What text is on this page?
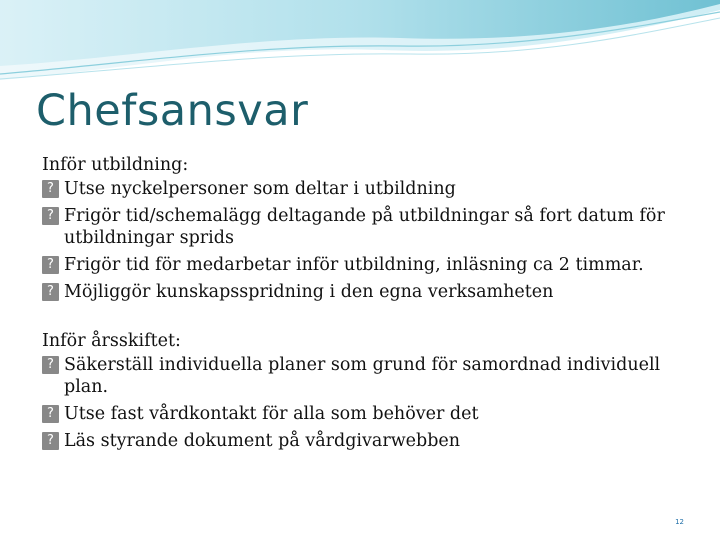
Chefsansvar

Inför utbildning:

? Utse nyckelpersoner som deltar i utbildning
? Frigör tid/schemalägg deltagande på utbildningar så fort datum för utbildningar sprids
? Frigör tid för medarbetar inför utbildning, inläsning ca 2 timmar.
? Möjliggör kunskapsspridning i den egna verksamheten

Inför årsskiftet:

? Säkerställ individuella planer som grund för samordnad individuell plan.
? Utse fast vårdkontakt för alla som behöver det
? Läs styrande dokument på vårdgivarwebben
12
